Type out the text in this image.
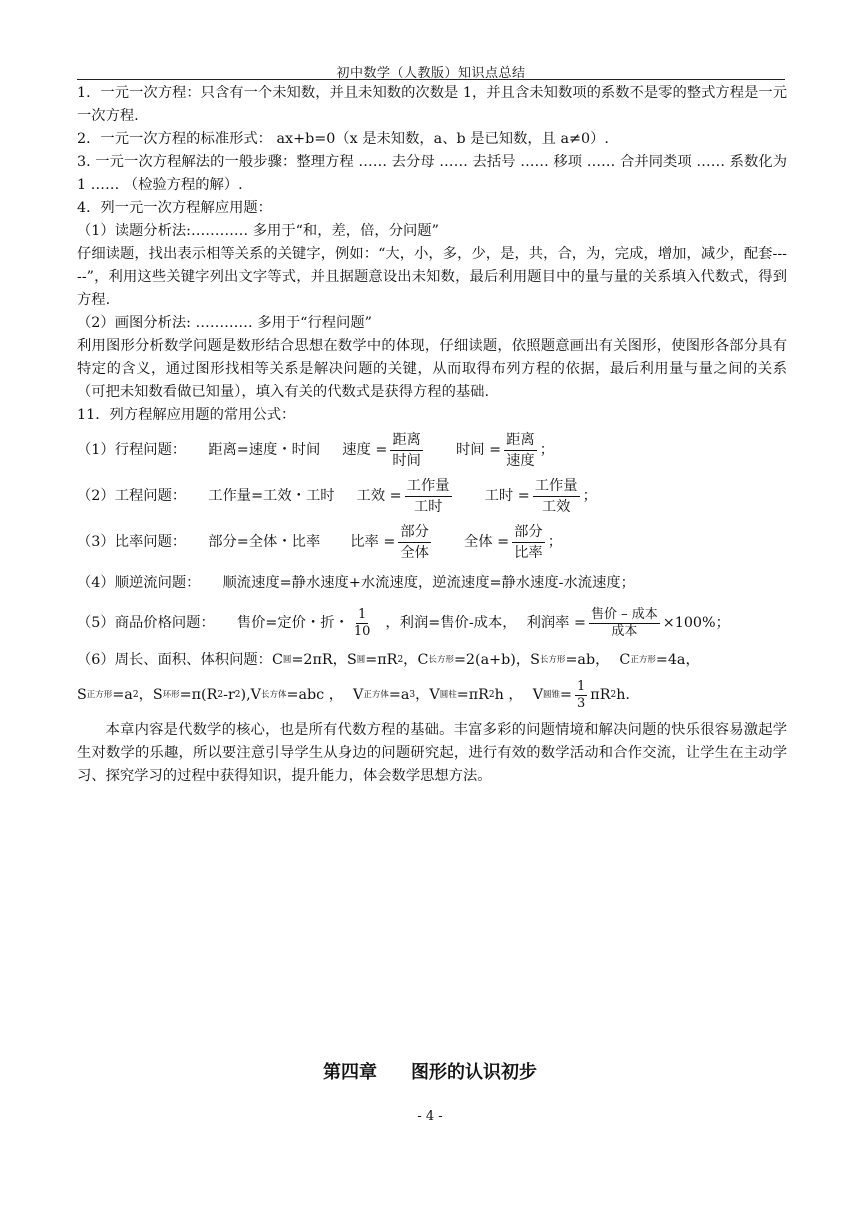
初中数学（人教版）知识点总结

1．一元一次方程：只含有一个未知数，并且未知数的次数是 1，并且含未知数项的系数不是零的整式方程是一元一次方程.

2．一元一次方程的标准形式： ax+b=0（x 是未知数，a、b 是已知数，且 a≠0）.

3. 一元一次方程解法的一般步骤：整理方程 …… 去分母 …… 去括号 …… 移项 …… 合并同类项 …… 系数化为 1 …… （检验方程的解）.

4．列一元一次方程解应用题：

（1）读题分析法:………… 多用于“和，差，倍，分问题”

仔细读题，找出表示相等关系的关键字，例如：“大，小，多，少，是，共，合，为，完成，增加，减少，配套-----”，利用这些关键字列出文字等式，并且据题意设出未知数，最后利用题目中的量与量的关系填入代数式，得到方程.

（2）画图分析法: ………… 多用于“行程问题”

利用图形分析数学问题是数形结合思想在数学中的体现，仔细读题，依照题意画出有关图形，使图形各部分具有特定的含义，通过图形找相等关系是解决问题的关键，从而取得布列方程的依据，最后利用量与量之间的关系（可把未知数看做已知量），填入有关的代数式是获得方程的基础.

11．列方程解应用题的常用公式：

（1）行程问题： 距离=速度・时间 速度 = $\frac{\text{距离}}{\text{时间}}$ 时间 = $\frac{\text{距离}}{\text{速度}}$ ；
（2）工程问题： 工作量=工效・工时 工效 = $\frac{\text{工作量}}{\text{工时}}$ 工时 = $\frac{\text{工作量}}{\text{工效}}$ ；
（3）比率问题： 部分=全体・比率 比率 = $\frac{\text{部分}}{\text{全体}}$ 全体 = $\frac{\text{部分}}{\text{比率}}$ ；
（4）顺逆流问题： 顺流速度=静水速度+水流速度，逆流速度=静水速度-水流速度；
（5）商品价格问题： 售价=定价・折・ $\frac{1}{10}$ ，利润=售价-成本， 利润率 = $\frac{\text{售价 – 成本}}{\text{成本}} \times 100\%$；
（6）周长、面积、体积问题： C 圆 =2πR， S 圆 =πR 2 ， C 长方形 =2(a+b)， S 长方形 =ab， C 正方形 =4a，
S 正方形 =a 2 ， S 环形 =π(R 2 -r 2 ), V 长方体 =abc ， V 正方体 =a 3 ， V 圆柱 =πR 2 h ， V 圆锥 = $\frac{1}{3}$ πR 2 h.

本章内容是代数学的核心，也是所有代数方程的基础。丰富多彩的问题情境和解决问题的快乐很容易激起学生对数学的乐趣，所以要注意引导学生从身边的问题研究起，进行有效的数学活动和合作交流，让学生在主动学习、探究学习的过程中获得知识，提升能力，体会数学思想方法。

第四章 图形的认识初步
- 4 -
